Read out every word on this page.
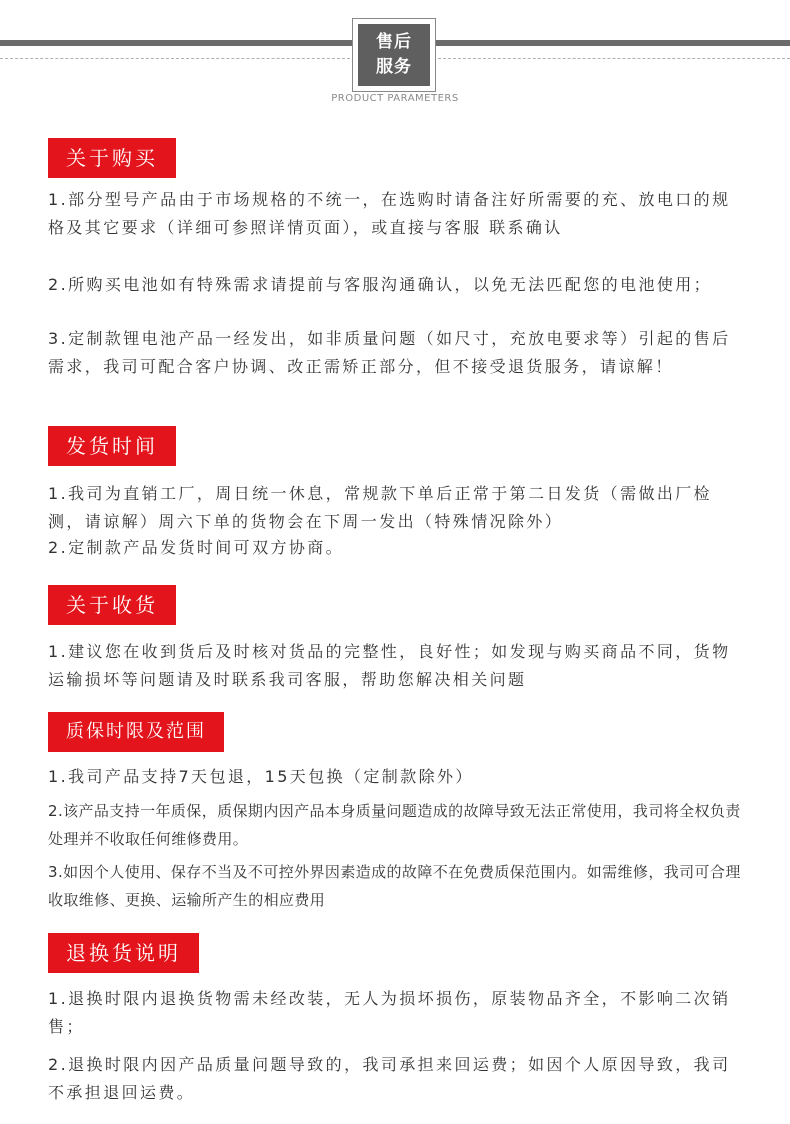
售后
服务
PRODUCT PARAMETERS
关于购买

1.部分型号产品由于市场规格的不统一，在选购时请备注好所需要的充、放电口的规格及其它要求（详细可参照详情页面），或直接与客服 联系确认

2.所购买电池如有特殊需求请提前与客服沟通确认，以免无法匹配您的电池使用；

3.定制款锂电池产品一经发出，如非质量问题（如尺寸，充放电要求等）引起的售后需求，我司可配合客户协调、改正需矫正部分，但不接受退货服务，请谅解！

发货时间

1.我司为直销工厂，周日统一休息，常规款下单后正常于第二日发货（需做出厂检测，请谅解）周六下单的货物会在下周一发出（特殊情况除外）

2.定制款产品发货时间可双方协商。

关于收货

1.建议您在收到货后及时核对货品的完整性，良好性；如发现与购买商品不同，货物运输损坏等问题请及时联系我司客服，帮助您解决相关问题

质保时限及范围

1.我司产品支持7天包退，15天包换（定制款除外）

2.该产品支持一年质保，质保期内因产品本身质量问题造成的故障导致无法正常使用，我司将全权负责处理并不收取任何维修费用。

3.如因个人使用、保存不当及不可控外界因素造成的故障不在免费质保范围内。如需维修，我司可合理收取维修、更换、运输所产生的相应费用

退换货说明

1.退换时限内退换货物需未经改装，无人为损坏损伤，原装物品齐全，不影响二次销售；

2.退换时限内因产品质量问题导致的，我司承担来回运费；如因个人原因导致，我司不承担退回运费。
